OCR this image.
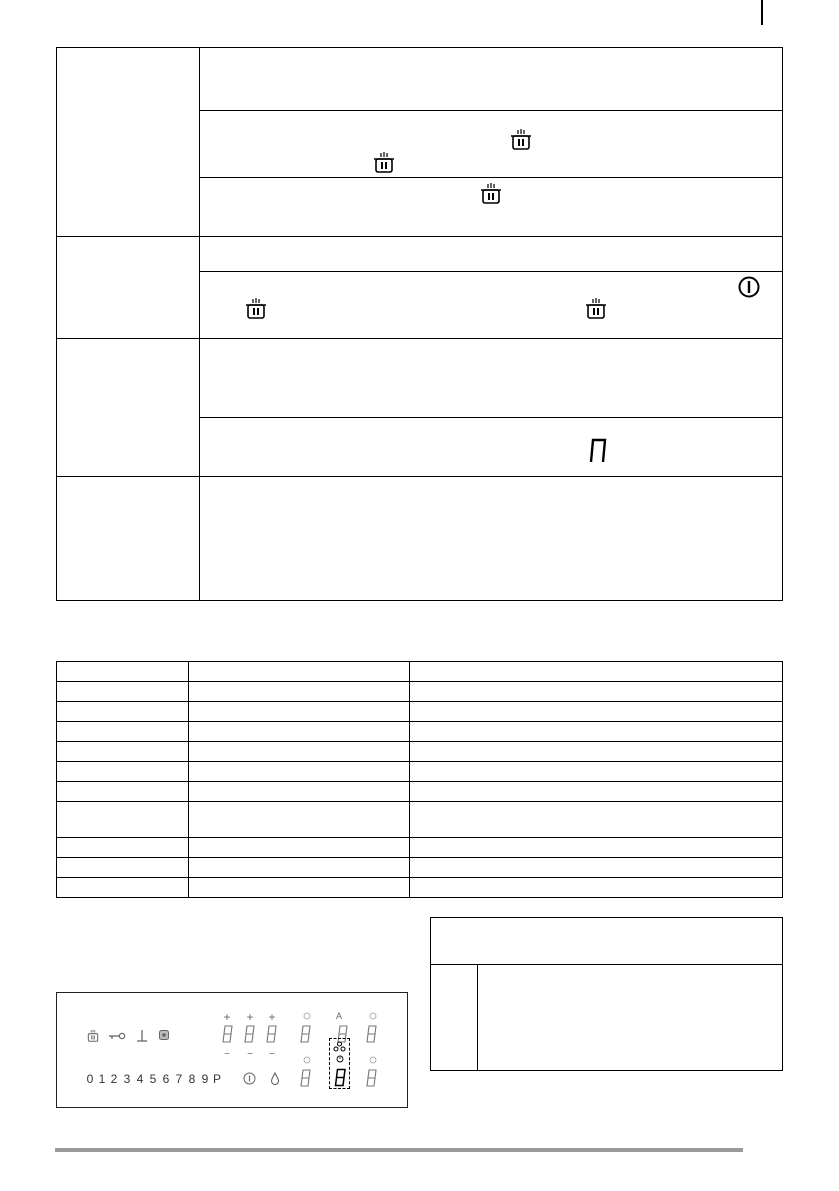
0 1 2 3 4 5 6 7 8 9 P
+ + +
− − −
A
